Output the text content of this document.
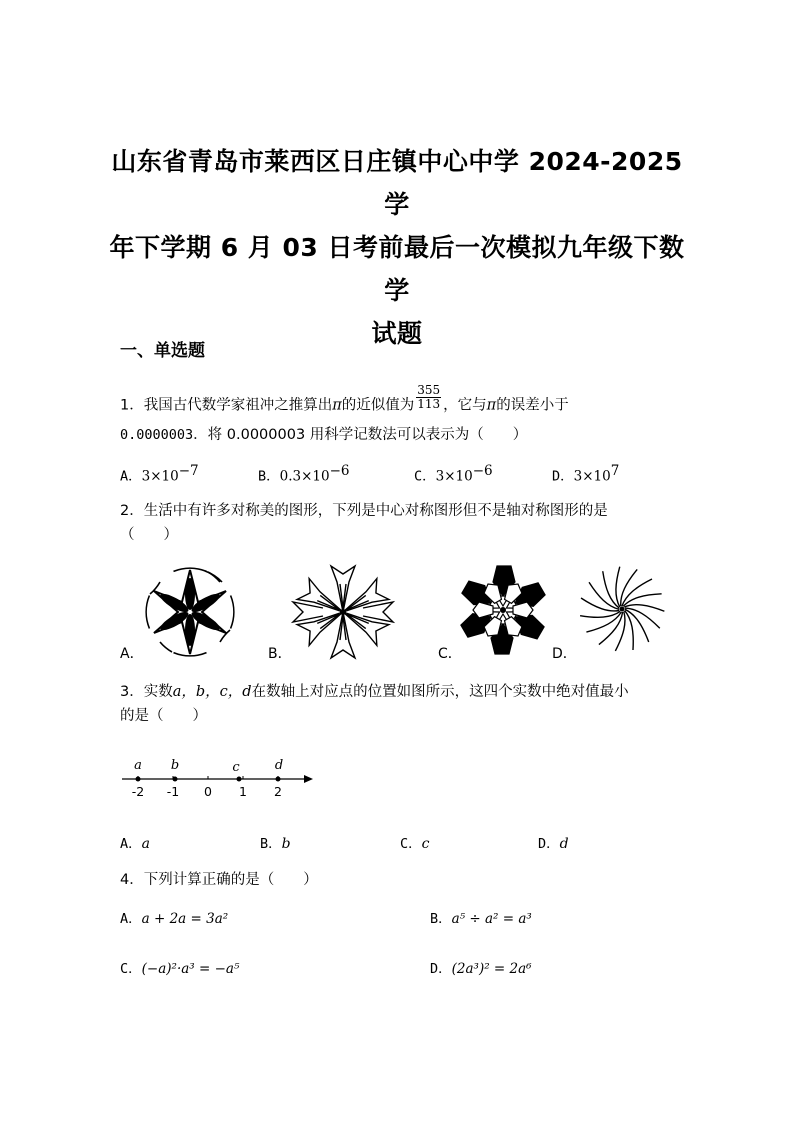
山东省青岛市莱西区日庄镇中心中学 2024-2025 学
年下学期 6 月 03 日考前最后一次模拟九年级下数学
试题
一、单选题
1．我国古代数学家祖冲之推算出π的近似值为 $\frac{355}{113}$ ，它与π的误差小于
0.0000003．将 0.0000003 用科学记数法可以表示为（　　）
A．$3\times 10^{-7}$	B．$0.3\times 10^{-6}$	C．$3\times 10^{-6}$	D．$3\times 10^7$
2．生活中有许多对称美的图形，下列是中心对称图形但不是轴对称图形的是
（　　）
A．	B．	C．	D．
3．实数a，b，c，d在数轴上对应点的位置如图所示，这四个实数中绝对值最小
的是（　　）
a b	c	d
-2 -1 0 1 2
A．a	B．b	C．c	D．d
4．下列计算正确的是（　　）
A．a + 2a = 3a²	B．a⁵ ÷ a² = a³
C．(−a)²·a³ = −a⁵	D．(2a³)² = 2a⁶
